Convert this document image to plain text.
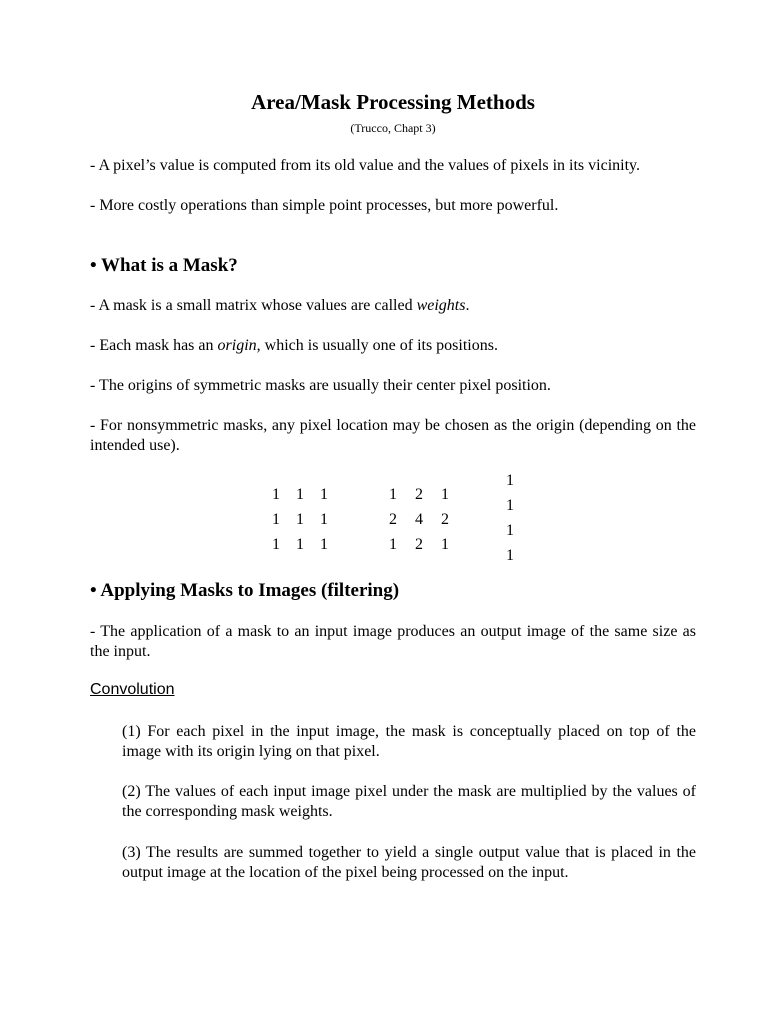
Area/Mask Processing Methods
(Trucco, Chapt 3)
- A pixel’s value is computed from its old value and the values of pixels in its vicinity.
- More costly operations than simple point processes, but more powerful.
• What is a Mask?
- A mask is a small matrix whose values are called weights.
- Each mask has an origin, which is usually one of its positions.
- The origins of symmetric masks are usually their center pixel position.
- For nonsymmetric masks, any pixel location may be chosen as the origin (depending on the intended use).
1 1 1
1 1 1
1 1 1
1 2 1
2 4 2
1 2 1
1
1
1
1
• Applying Masks to Images (filtering)
- The application of a mask to an input image produces an output image of the same size as the input.
Convolution
(1) For each pixel in the input image, the mask is conceptually placed on top of the image with its origin lying on that pixel.
(2) The values of each input image pixel under the mask are multiplied by the values of the corresponding mask weights.
(3) The results are summed together to yield a single output value that is placed in the output image at the location of the pixel being processed on the input.
